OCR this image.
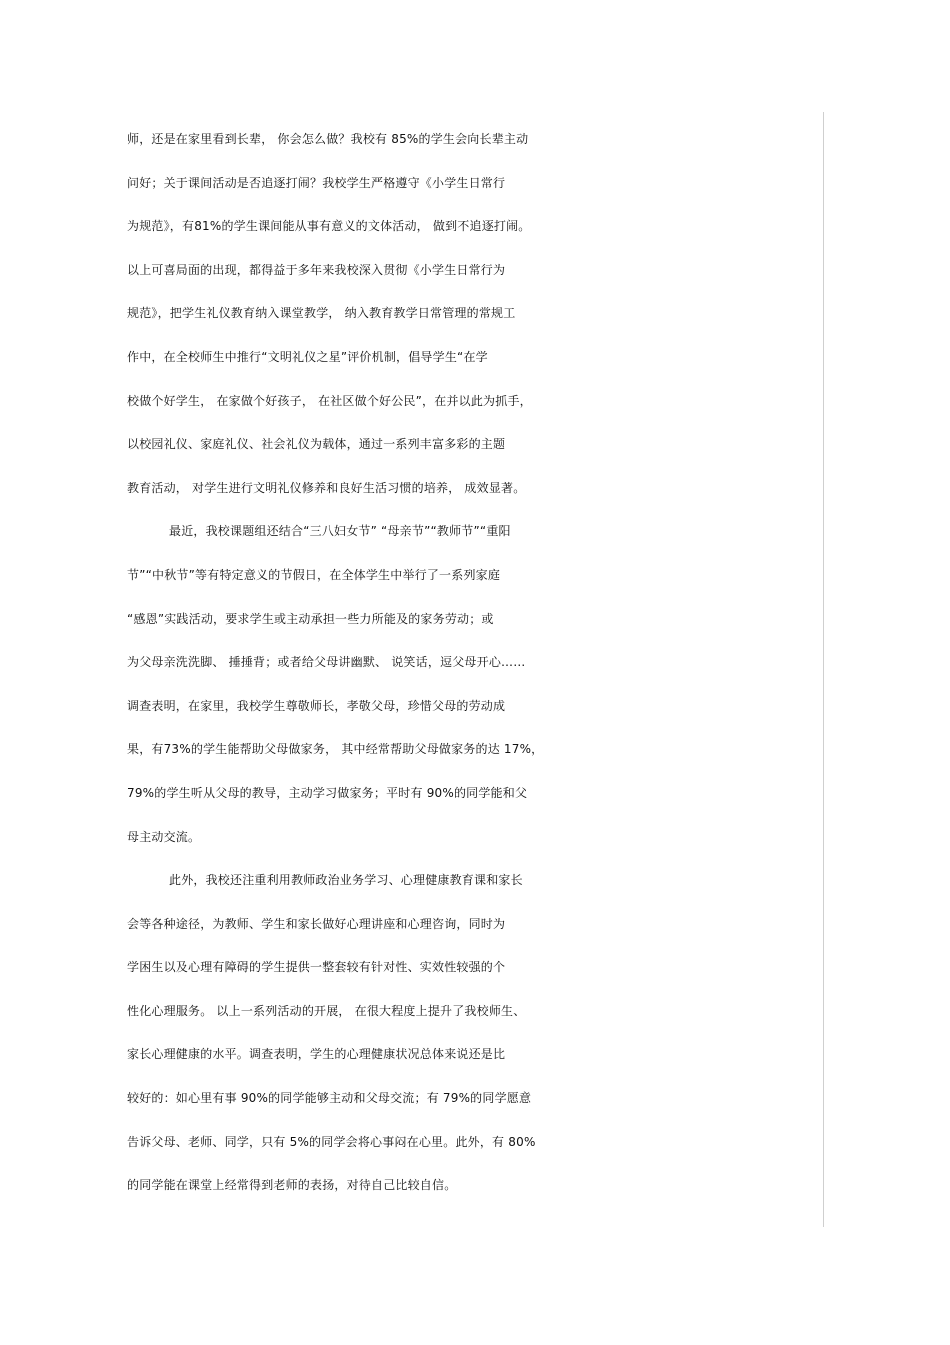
师，还是在家里看到长辈， 你会怎么做？我校有 85%的学生会向长辈主动
问好；关于课间活动是否追逐打闹？我校学生严格遵守《小学生日常行
为规范》，有81%的学生课间能从事有意义的文体活动， 做到不追逐打闹。
以上可喜局面的出现，都得益于多年来我校深入贯彻《小学生日常行为
规范》，把学生礼仪教育纳入课堂教学， 纳入教育教学日常管理的常规工
作中，在全校师生中推行“文明礼仪之星”评价机制，倡导学生“在学
校做个好学生， 在家做个好孩子， 在社区做个好公民”，在并以此为抓手，
以校园礼仪、家庭礼仪、社会礼仪为载体，通过一系列丰富多彩的主题
教育活动， 对学生进行文明礼仪修养和良好生活习惯的培养， 成效显著。
最近，我校课题组还结合“三八妇女节” “母亲节”“教师节”“重阳
节”“中秋节”等有特定意义的节假日，在全体学生中举行了一系列家庭
“感恩”实践活动，要求学生或主动承担一些力所能及的家务劳动；或
为父母亲洗洗脚、 捶捶背；或者给父母讲幽默、 说笑话，逗父母开心……
调查表明，在家里，我校学生尊敬师长，孝敬父母，珍惜父母的劳动成
果，有73%的学生能帮助父母做家务， 其中经常帮助父母做家务的达 17%，
79%的学生听从父母的教导，主动学习做家务；平时有 90%的同学能和父
母主动交流。
此外，我校还注重利用教师政治业务学习、心理健康教育课和家长
会等各种途径，为教师、学生和家长做好心理讲座和心理咨询，同时为
学困生以及心理有障碍的学生提供一整套较有针对性、实效性较强的个
性化心理服务。 以上一系列活动的开展， 在很大程度上提升了我校师生、
家长心理健康的水平。调查表明，学生的心理健康状况总体来说还是比
较好的：如心里有事 90%的同学能够主动和父母交流；有 79%的同学愿意
告诉父母、老师、同学，只有 5%的同学会将心事闷在心里。此外，有 80%
的同学能在课堂上经常得到老师的表扬，对待自己比较自信。
